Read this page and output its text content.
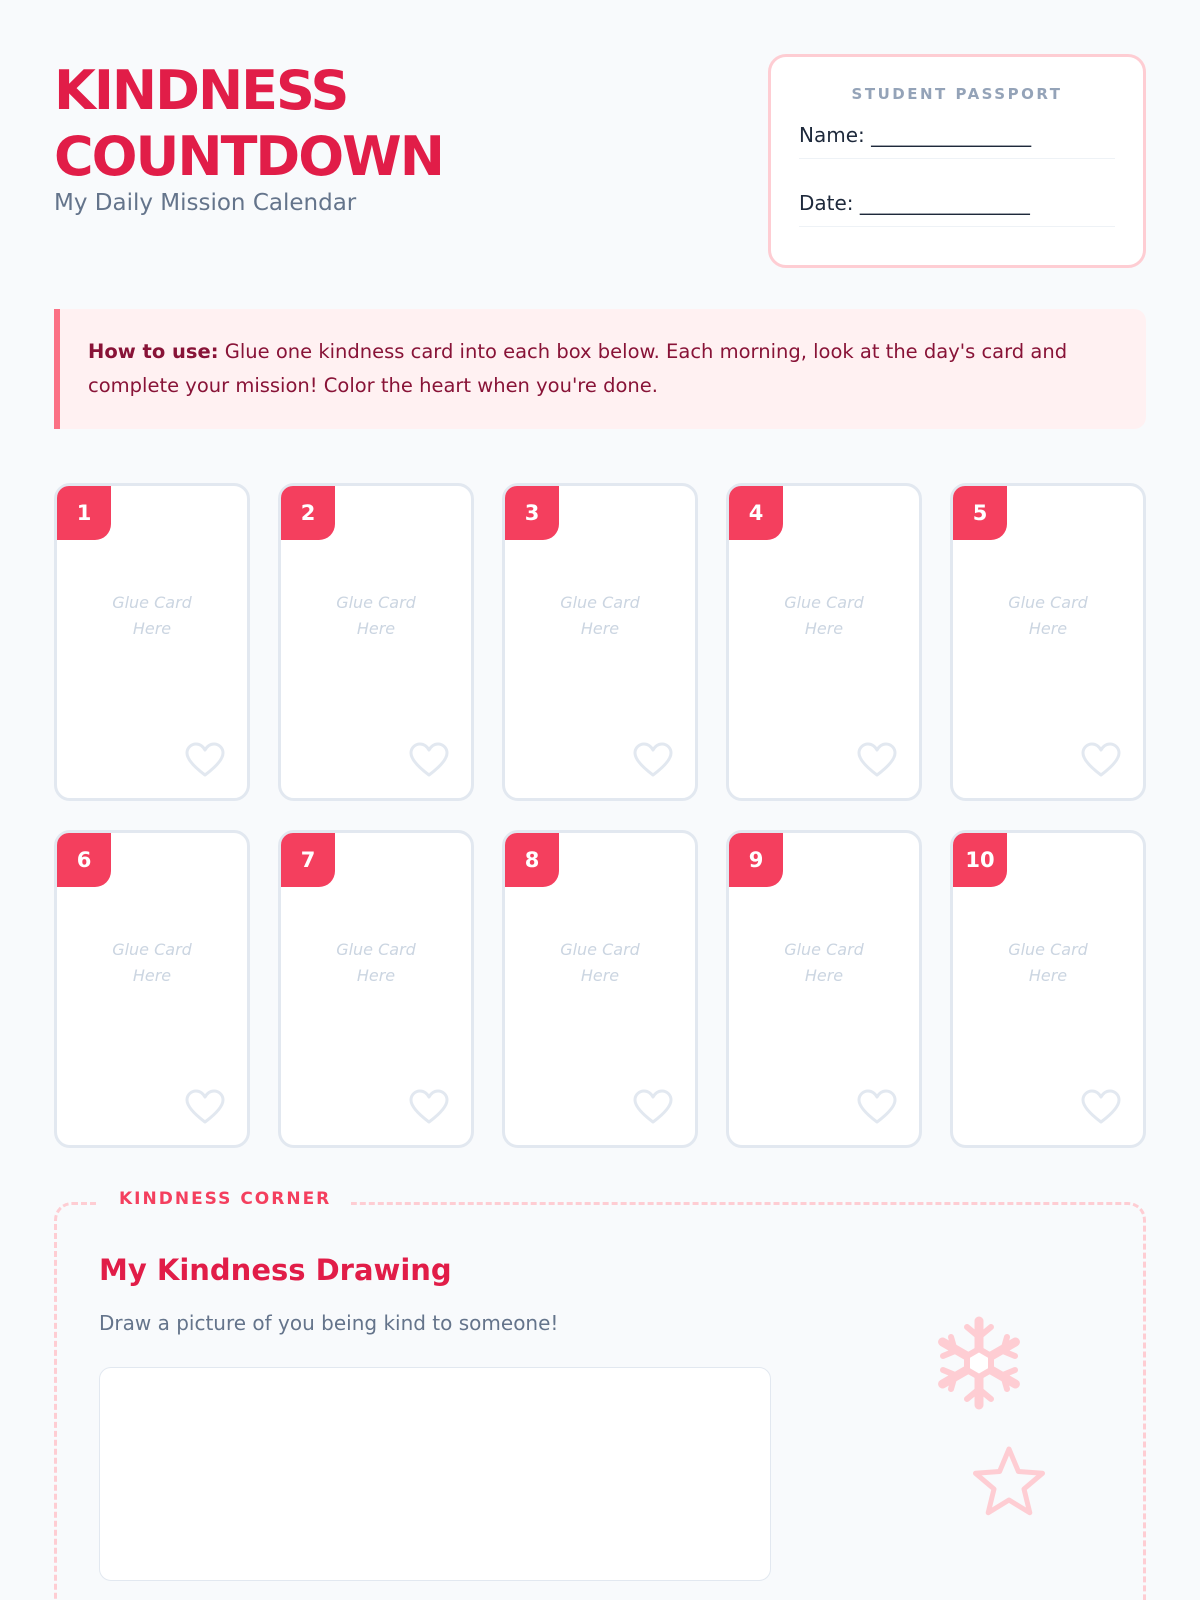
KINDNESS
COUNTDOWN
My Daily Mission Calendar
STUDENT PASSPORT
Name: ________________
Date: _________________
How to use: Glue one kindness card into each box below. Each morning, look at the day's card and complete your mission! Color the heart when you're done.
1
Glue Card
Here
2
Glue Card
Here
3
Glue Card
Here
4
Glue Card
Here
5
Glue Card
Here
6
Glue Card
Here
7
Glue Card
Here
8
Glue Card
Here
9
Glue Card
Here
10
Glue Card
Here
KINDNESS CORNER
My Kindness Drawing
Draw a picture of you being kind to someone!
